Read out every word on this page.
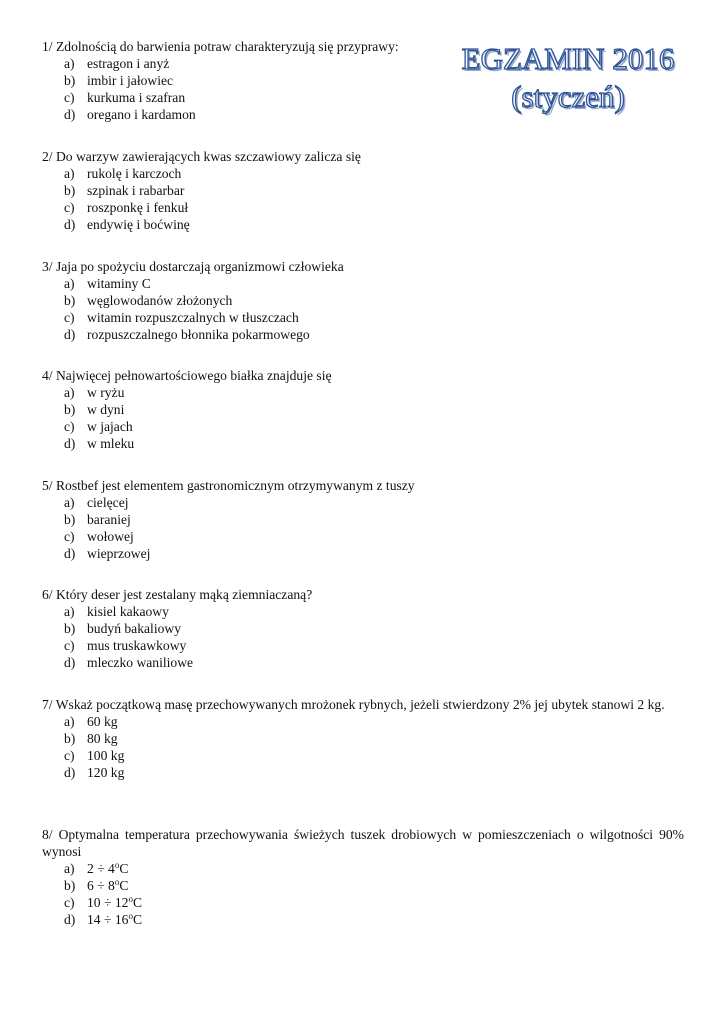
EGZAMIN 2016
(styczeń)
1/ Zdolnością do barwienia potraw charakteryzują się przyprawy:
a) estragon i anyż
b) imbir i jałowiec
c) kurkuma i szafran
d) oregano i kardamon
2/ Do warzyw zawierających kwas szczawiowy zalicza się
a) rukolę i karczoch
b) szpinak i rabarbar
c) roszponkę i fenkuł
d) endywię i boćwinę
3/ Jaja po spożyciu dostarczają organizmowi człowieka
a) witaminy C
b) węglowodanów złożonych
c) witamin rozpuszczalnych w tłuszczach
d) rozpuszczalnego błonnika pokarmowego
4/ Najwięcej pełnowartościowego białka znajduje się
a) w ryżu
b) w dyni
c) w jajach
d) w mleku
5/ Rostbef jest elementem gastronomicznym otrzymywanym z tuszy
a) cielęcej
b) baraniej
c) wołowej
d) wieprzowej
6/ Który deser jest zestalany mąką ziemniaczaną?
a) kisiel kakaowy
b) budyń bakaliowy
c) mus truskawkowy
d) mleczko waniliowe
7/ Wskaż początkową masę przechowywanych mrożonek rybnych, jeżeli stwierdzony 2% jej ubytek stanowi 2 kg.
a) 60 kg
b) 80 kg
c) 100 kg
d) 120 kg
8/ Optymalna temperatura przechowywania świeżych tuszek drobiowych w pomieszczeniach o wilgotności 90% wynosi
a) $2 \div 4^oC$
b) $6 \div 8^oC$
c) $10 \div 12^oC$
d) $14 \div 16^oC$
